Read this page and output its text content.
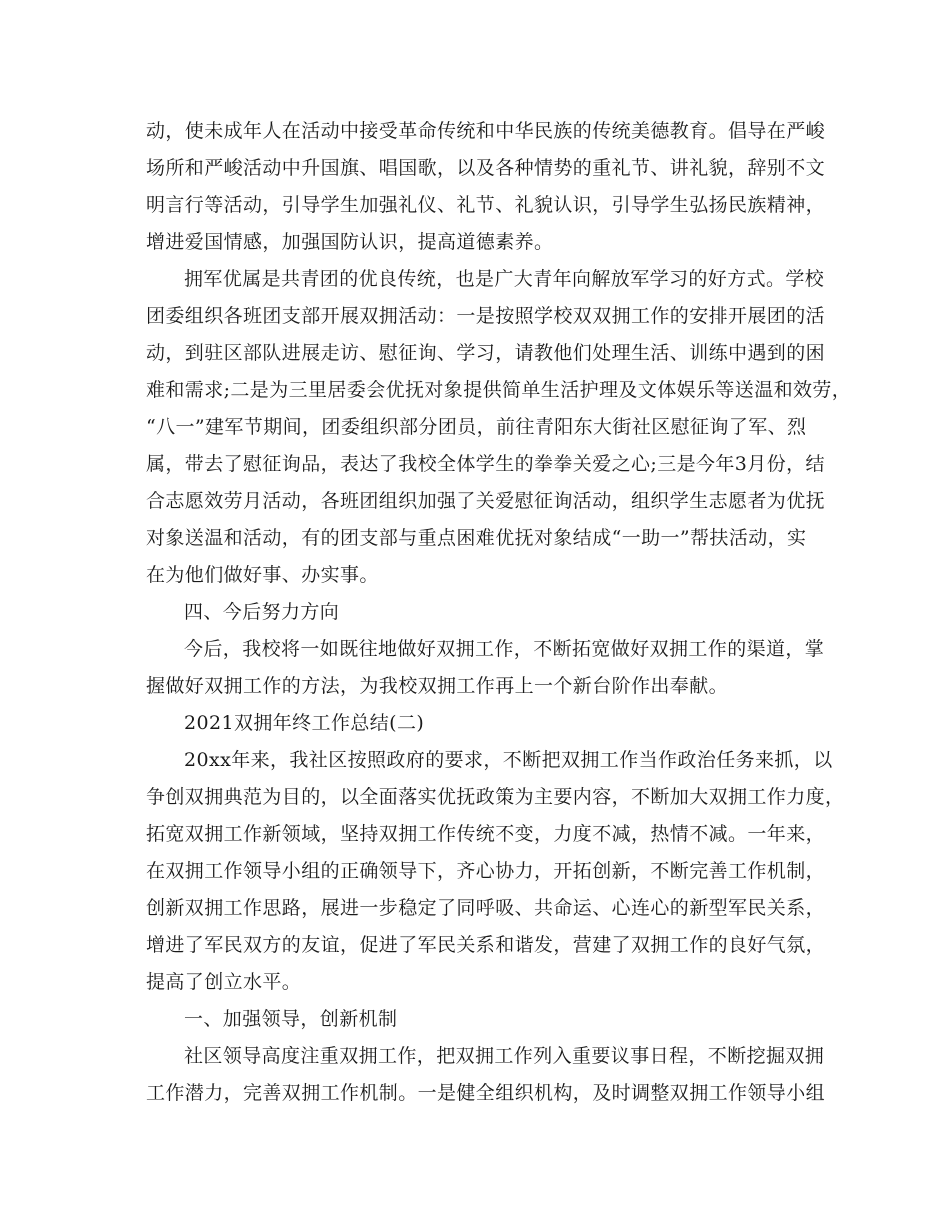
动，使未成年人在活动中接受革命传统和中华民族的传统美德教育。倡导在严峻

场所和严峻活动中升国旗、唱国歌，以及各种情势的重礼节、讲礼貌，辞别不文

明言行等活动，引导学生加强礼仪、礼节、礼貌认识，引导学生弘扬民族精神，

增进爱国情感，加强国防认识，提高道德素养。

拥军优属是共青团的优良传统，也是广大青年向解放军学习的好方式。学校

团委组织各班团支部开展双拥活动：一是按照学校双双拥工作的安排开展团的活

动，到驻区部队进展走访、慰征询、学习，请教他们处理生活、训练中遇到的困

难和需求;二是为三里居委会优抚对象提供简单生活护理及文体娱乐等送温和效劳，

“八一”建军节期间，团委组织部分团员，前往青阳东大街社区慰征询了军、烈

属，带去了慰征询品，表达了我校全体学生的拳拳关爱之心;三是今年3月份，结

合志愿效劳月活动，各班团组织加强了关爱慰征询活动，组织学生志愿者为优抚

对象送温和活动，有的团支部与重点困难优抚对象结成“一助一”帮扶活动，实

在为他们做好事、办实事。

四、今后努力方向

今后，我校将一如既往地做好双拥工作，不断拓宽做好双拥工作的渠道，掌

握做好双拥工作的方法，为我校双拥工作再上一个新台阶作出奉献。

2021双拥年终工作总结(二)

20xx年来，我社区按照政府的要求，不断把双拥工作当作政治任务来抓，以

争创双拥典范为目的，以全面落实优抚政策为主要内容，不断加大双拥工作力度，

拓宽双拥工作新领域，坚持双拥工作传统不变，力度不减，热情不减。一年来，

在双拥工作领导小组的正确领导下，齐心协力，开拓创新，不断完善工作机制，

创新双拥工作思路，展进一步稳定了同呼吸、共命运、心连心的新型军民关系，

增进了军民双方的友谊，促进了军民关系和谐发，营建了双拥工作的良好气氛，

提高了创立水平。

一、加强领导，创新机制

社区领导高度注重双拥工作，把双拥工作列入重要议事日程，不断挖掘双拥

工作潜力，完善双拥工作机制。一是健全组织机构，及时调整双拥工作领导小组
